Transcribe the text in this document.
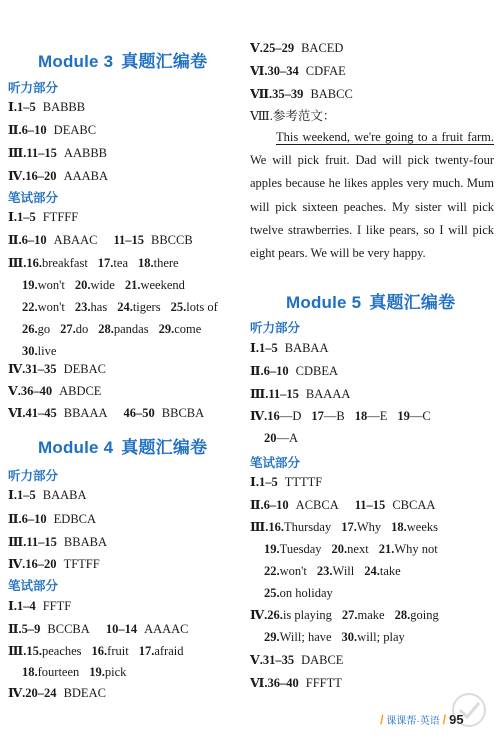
Module 3 真题汇编卷
听力部分
Ⅰ.1–5 BABBB
Ⅱ.6–10 DEABC
Ⅲ.11–15 AABBB
Ⅳ.16–20 AAABA
笔试部分
Ⅰ.1–5 FTFFF
Ⅱ.6–10 ABAAC 11–15 BBCCB
Ⅲ.16.breakfast 17.tea 18.there
19.won't 20.wide 21.weekend
22.won't 23.has 24.tigers 25.lots of
26.go 27.do 28.pandas 29.come
30.live
Ⅳ.31–35 DEBAC
Ⅴ.36–40 ABDCE
Ⅵ.41–45 BBAAA 46–50 BBCBA
Module 4 真题汇编卷
听力部分
Ⅰ.1–5 BAABA
Ⅱ.6–10 EDBCA
Ⅲ.11–15 BBABA
Ⅳ.16–20 TFTFF
笔试部分
Ⅰ.1–4 FFTF
Ⅱ.5–9 BCCBA 10–14 AAAAC
Ⅲ.15.peaches 16.fruit 17.afraid
18.fourteen 19.pick
Ⅳ.20–24 BDEAC
Ⅴ.25–29 BACED
Ⅵ.30–34 CDFAE
Ⅶ.35–39 BABCC
Ⅷ.参考范文：
This weekend, we're going to a fruit farm. We will pick fruit. Dad will pick twenty-four apples because he likes apples very much. Mum will pick sixteen peaches. My sister will pick twelve strawberries. I like pears, so I will pick eight pears. We will be very happy.
Module 5 真题汇编卷
听力部分
Ⅰ.1–5 BABAA
Ⅱ.6–10 CDBEA
Ⅲ.11–15 BAAAA
Ⅳ.16—D 17—B 18—E 19—C
20—A
笔试部分
Ⅰ.1–5 TTTTF
Ⅱ.6–10 ACBCA 11–15 CBCAA
Ⅲ.16.Thursday 17.Why 18.weeks
19.Tuesday 20.next 21.Why not
22.won't 23.Will 24.take
25.on holiday
Ⅳ.26.is playing 27.make 28.going
29.Will; have 30.will; play
Ⅴ.31–35 DABCE
Ⅵ.36–40 FFFTT
/ 课课帮·英语 / 95
